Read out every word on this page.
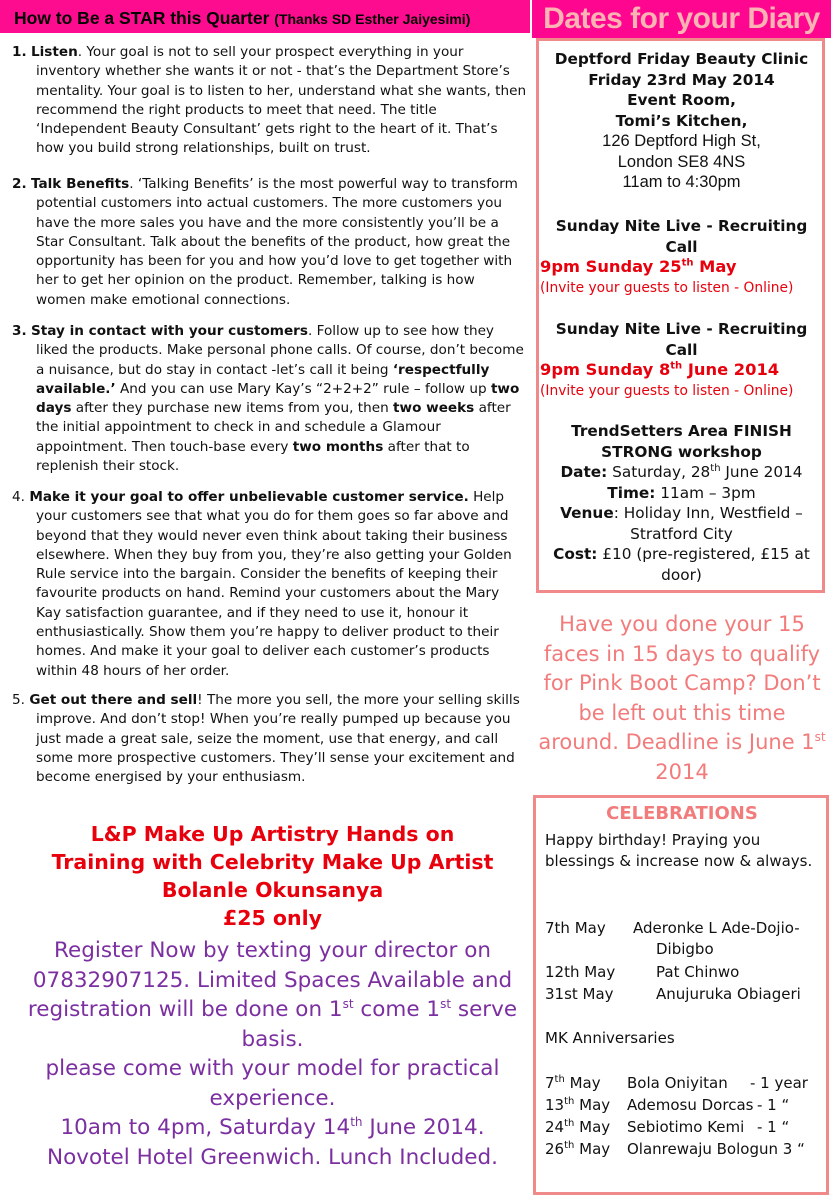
How to Be a STAR this Quarter (Thanks SD Esther Jaiyesimi)

1. Listen. Your goal is not to sell your prospect everything in your inventory whether she wants it or not - that’s the Department Store’s mentality. Your goal is to listen to her, understand what she wants, then recommend the right products to meet that need. The title ‘Independent Beauty Consultant’ gets right to the heart of it. That’s how you build strong relationships, built on trust.

2. Talk Benefits. ‘Talking Benefits’ is the most powerful way to transform potential customers into actual customers. The more customers you have the more sales you have and the more consistently you’ll be a Star Consultant. Talk about the benefits of the product, how great the opportunity has been for you and how you’d love to get together with her to get her opinion on the product. Remember, talking is how women make emotional connections.

3. Stay in contact with your customers. Follow up to see how they liked the products. Make personal phone calls. Of course, don’t become a nuisance, but do stay in contact -let’s call it being ‘respectfully available.’ And you can use Mary Kay’s “2+2+2” rule – follow up two days after they purchase new items from you, then two weeks after the initial appointment to check in and schedule a Glamour appointment. Then touch-base every two months after that to replenish their stock.

4. Make it your goal to offer unbelievable customer service. Help your customers see that what you do for them goes so far above and beyond that they would never even think about taking their business elsewhere. When they buy from you, they’re also getting your Golden Rule service into the bargain. Consider the benefits of keeping their favourite products on hand. Remind your customers about the Mary Kay satisfaction guarantee, and if they need to use it, honour it enthusiastically. Show them you’re happy to deliver product to their homes. And make it your goal to deliver each customer’s products within 48 hours of her order.

5. Get out there and sell! The more you sell, the more your selling skills improve. And don’t stop! When you’re really pumped up because you just made a great sale, seize the moment, use that energy, and call some more prospective customers. They’ll sense your excitement and become energised by your enthusiasm.

L&P Make Up Artistry Hands on
Training with Celebrity Make Up Artist
Bolanle Okunsanya
£25 only
Register Now by texting your director on 07832907125. Limited Spaces Available and registration will be done on 1st come 1st serve basis.
please come with your model for practical experience.
10am to 4pm, Saturday 14th June 2014.
Novotel Hotel Greenwich. Lunch Included.
Dates for your Diary
Deptford Friday Beauty Clinic
Friday 23rd May 2014
Event Room,
Tomi’s Kitchen,
126 Deptford High St,
London SE8 4NS
11am to 4:30pm
Sunday Nite Live - Recruiting Call
9pm Sunday 25th May
(Invite your guests to listen - Online)
Sunday Nite Live - Recruiting Call
9pm Sunday 8th June 2014
(Invite your guests to listen - Online)
TrendSetters Area FINISH STRONG workshop
Date: Saturday, 28th June 2014
Time: 11am – 3pm
Venue: Holiday Inn, Westfield – Stratford City
Cost: £10 (pre-registered, £15 at door)
Have you done your 15 faces in 15 days to qualify for Pink Boot Camp? Don’t be left out this time around. Deadline is June 1st 2014
CELEBRATIONS
Happy birthday! Praying you blessings & increase now & always.
7th May Aderonke L Ade-Dojio-
Dibigbo
12th May	Pat Chinwo
31st May	Anujuruka Obiageri
MK Anniversaries
7th May Bola Oniyitan - 1 year
13th May Ademosu Dorcas - 1 “
24th May Sebiotimo Kemi - 1 “
26th May Olanrewaju Bologun 3 “
